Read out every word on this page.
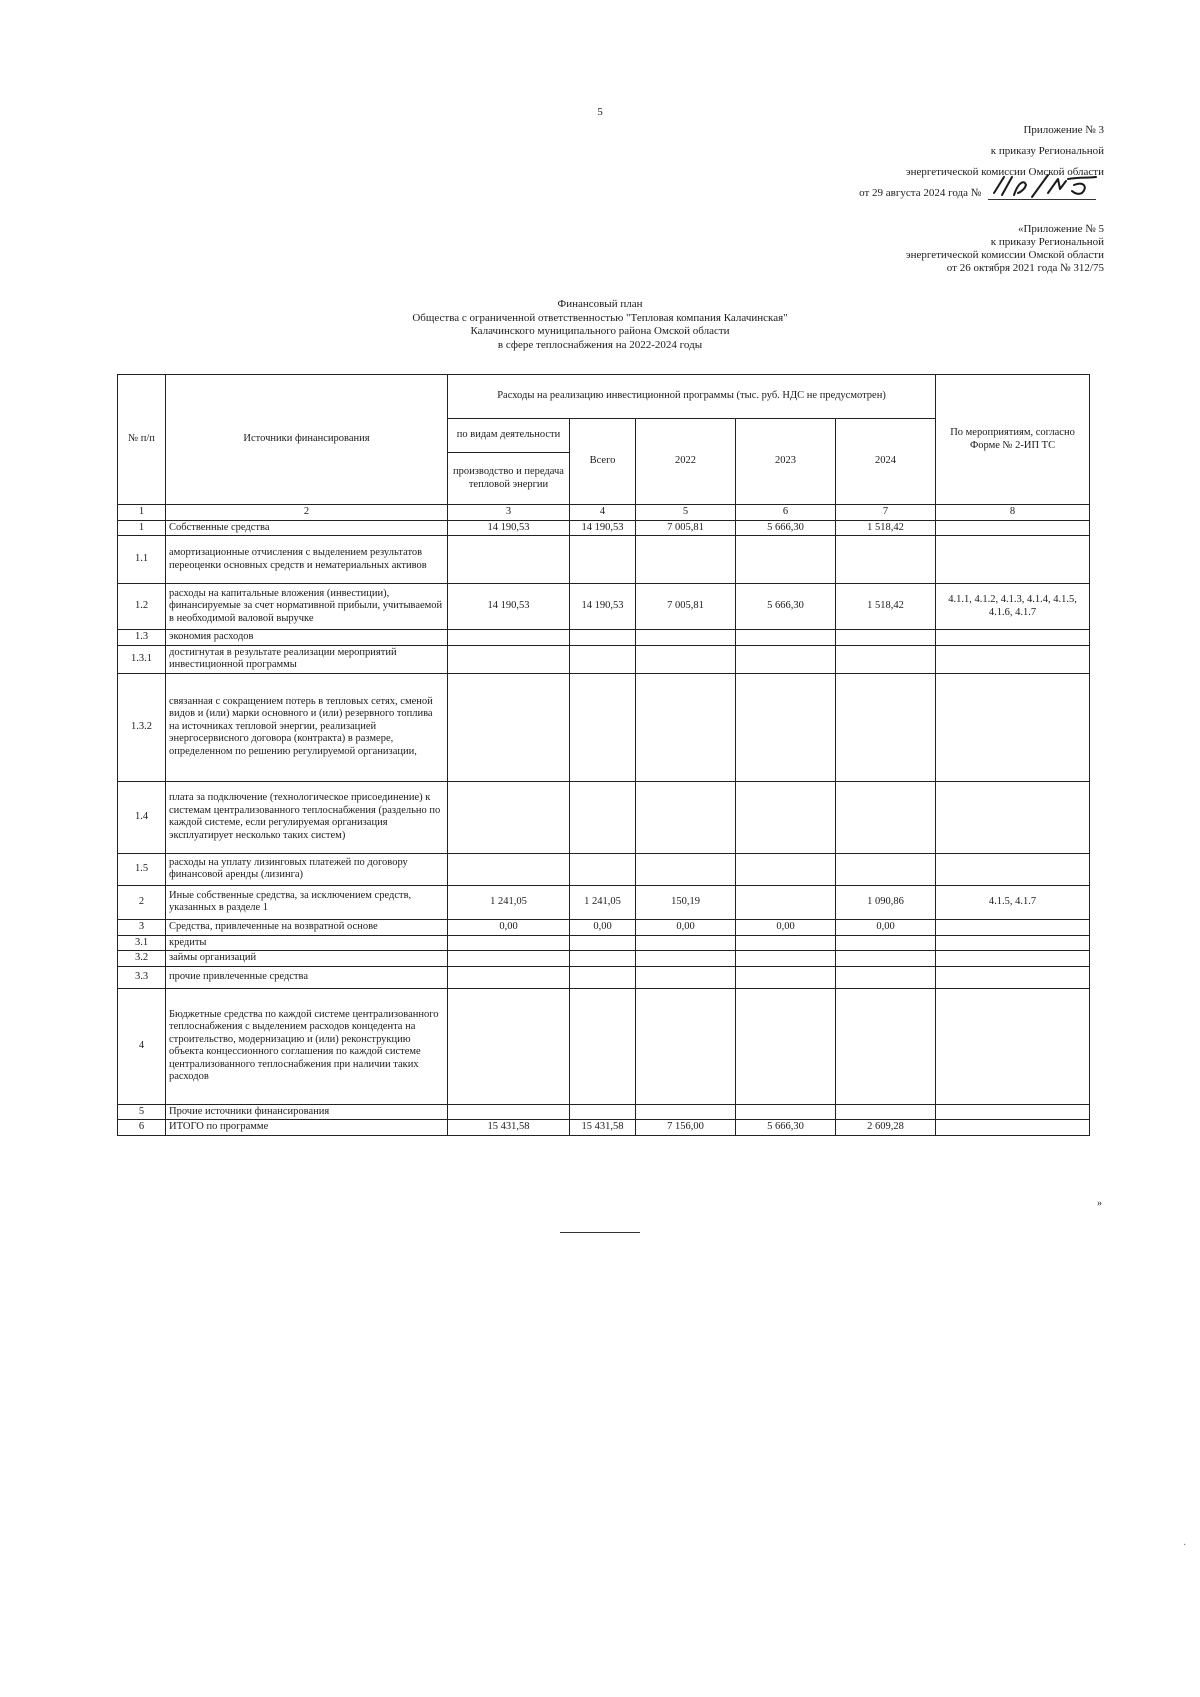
5
Приложение № 3
к приказу Региональной
энергетической комиссии Омской области
от 29 августа 2024 года №
«Приложение № 5
к приказу Региональной
энергетической комиссии Омской области
от 26 октября 2021 года № 312/75
Финансовый план
Общества с ограниченной ответственностью "Тепловая компания Калачинская"
Калачинского муниципального района Омской области
в сфере теплоснабжения на 2022-2024 годы
№ п/п	Источники финансирования	Расходы на реализацию инвестиционной программы (тыс. руб. НДС не предусмотрен)					По мероприятиям, согласно Форме № 2-ИП ТС
		по видам деятельности	Всего	2022	2023	2024	
		производство и передача тепловой энергии					
1	2	3	4	5	6	7	8
1	Собственные средства	14 190,53	14 190,53	7 005,81	5 666,30	1 518,42	
1.1	амортизационные отчисления с выделением результатов переоценки основных средств и нематериальных активов						
1.2	расходы на капитальные вложения (инвестиции), финансируемые за счет нормативной прибыли, учитываемой в необходимой валовой выручке	14 190,53	14 190,53	7 005,81	5 666,30	1 518,42	4.1.1, 4.1.2, 4.1.3, 4.1.4, 4.1.5, 4.1.6, 4.1.7
1.3	экономия расходов						
1.3.1	достигнутая в результате реализации мероприятий инвестиционной программы						
1.3.2	связанная с сокращением потерь в тепловых сетях, сменой видов и (или) марки основного и (или) резервного топлива на источниках тепловой энергии, реализацией энергосервисного договора (контракта) в размере, определенном по решению регулируемой организации,						
1.4	плата за подключение (технологическое присоединение) к системам централизованного теплоснабжения (раздельно по каждой системе, если регулируемая организация эксплуатирует несколько таких систем)						
1.5	расходы на уплату лизинговых платежей по договору финансовой аренды (лизинга)						
2	Иные собственные средства, за исключением средств, указанных в разделе 1	1 241,05	1 241,05	150,19		1 090,86	4.1.5, 4.1.7
3	Средства, привлеченные на возвратной основе	0,00	0,00	0,00	0,00	0,00	
3.1	кредиты						
3.2	займы организаций						
3.3	прочие привлеченные средства						
4	Бюджетные средства по каждой системе централизованного теплоснабжения с выделением расходов концедента на строительство, модернизацию и (или) реконструкцию объекта концессионного соглашения по каждой системе централизованного теплоснабжения при наличии таких расходов						
5	Прочие источники финансирования						
6	ИТОГО по программе	15 431,58	15 431,58	7 156,00	5 666,30	2 609,28	
»
·
